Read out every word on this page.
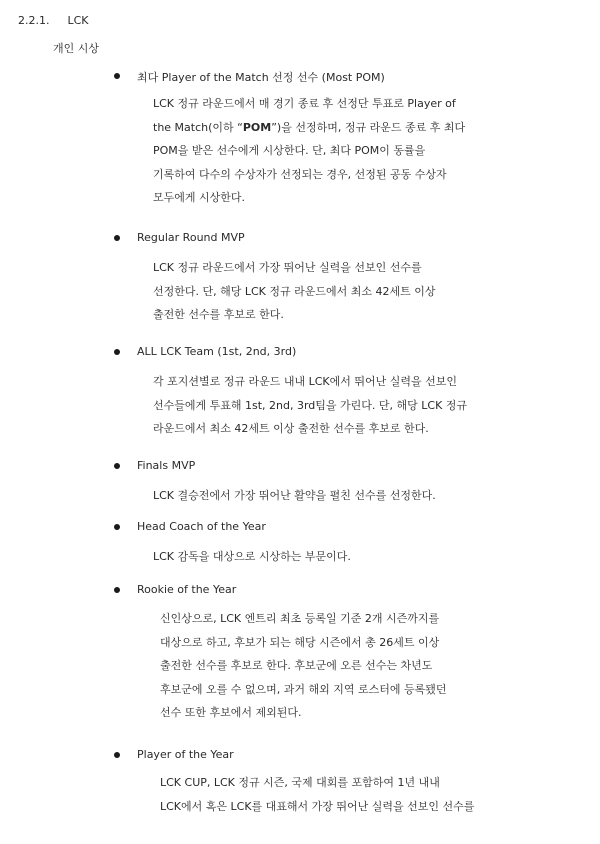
2.2.1. LCK
개인 시상
최다 Player of the Match 선정 선수 (Most POM)
LCK 정규 라운드에서 매 경기 종료 후 선정단 투표로 Player of
the Match(이하 “POM”)을 선정하며, 정규 라운드 종료 후 최다
POM을 받은 선수에게 시상한다. 단, 최다 POM이 동률을
기록하여 다수의 수상자가 선정되는 경우, 선정된 공동 수상자
모두에게 시상한다.
Regular Round MVP
LCK 정규 라운드에서 가장 뛰어난 실력을 선보인 선수를
선정한다. 단, 해당 LCK 정규 라운드에서 최소 42세트 이상
출전한 선수를 후보로 한다.
ALL LCK Team (1st, 2nd, 3rd)
각 포지션별로 정규 라운드 내내 LCK에서 뛰어난 실력을 선보인
선수들에게 투표해 1st, 2nd, 3rd팀을 가린다. 단, 해당 LCK 정규
라운드에서 최소 42세트 이상 출전한 선수를 후보로 한다.
Finals MVP
LCK 결승전에서 가장 뛰어난 활약을 펼친 선수를 선정한다.
Head Coach of the Year
LCK 감독을 대상으로 시상하는 부문이다.
Rookie of the Year
신인상으로, LCK 엔트리 최초 등록일 기준 2개 시즌까지를
대상으로 하고, 후보가 되는 해당 시즌에서 총 26세트 이상
출전한 선수를 후보로 한다. 후보군에 오른 선수는 차년도
후보군에 오를 수 없으며, 과거 해외 지역 로스터에 등록됐던
선수 또한 후보에서 제외된다.
Player of the Year
LCK CUP, LCK 정규 시즌, 국제 대회를 포함하여 1년 내내
LCK에서 혹은 LCK를 대표해서 가장 뛰어난 실력을 선보인 선수를
